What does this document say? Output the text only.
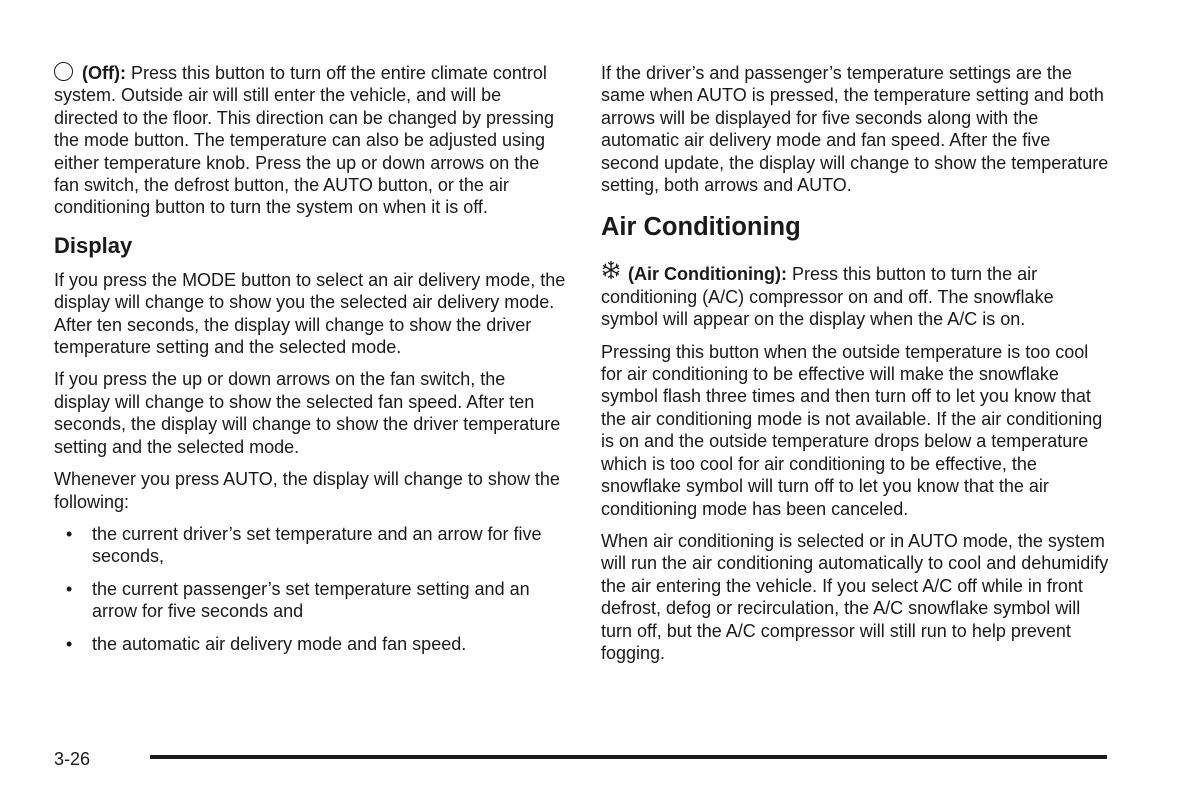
(Off): Press this button to turn off the entire climate control system. Outside air will still enter the vehicle, and will be directed to the floor. This direction can be changed by pressing the mode button. The temperature can also be adjusted using either temperature knob. Press the up or down arrows on the fan switch, the defrost button, the AUTO button, or the air conditioning button to turn the system on when it is off.

Display

If you press the MODE button to select an air delivery mode, the display will change to show you the selected air delivery mode. After ten seconds, the display will change to show the driver temperature setting and the selected mode.

If you press the up or down arrows on the fan switch, the display will change to show the selected fan speed. After ten seconds, the display will change to show the driver temperature setting and the selected mode.

Whenever you press AUTO, the display will change to show the following:

• the current driver’s set temperature and an arrow for five seconds,
• the current passenger’s set temperature setting and an arrow for five seconds and
• the automatic air delivery mode and fan speed.

If the driver’s and passenger’s temperature settings are the same when AUTO is pressed, the temperature setting and both arrows will be displayed for five seconds along with the automatic air delivery mode and fan speed. After the five second update, the display will change to show the temperature setting, both arrows and AUTO.

Air Conditioning

(Air Conditioning): Press this button to turn the air conditioning (A/C) compressor on and off. The snowflake symbol will appear on the display when the A/C is on.

Pressing this button when the outside temperature is too cool for air conditioning to be effective will make the snowflake symbol flash three times and then turn off to let you know that the air conditioning mode is not available. If the air conditioning is on and the outside temperature drops below a temperature which is too cool for air conditioning to be effective, the snowflake symbol will turn off to let you know that the air conditioning mode has been canceled.

When air conditioning is selected or in AUTO mode, the system will run the air conditioning automatically to cool and dehumidify the air entering the vehicle. If you select A/C off while in front defrost, defog or recirculation, the A/C snowflake symbol will turn off, but the A/C compressor will still run to help prevent fogging.

3-26
